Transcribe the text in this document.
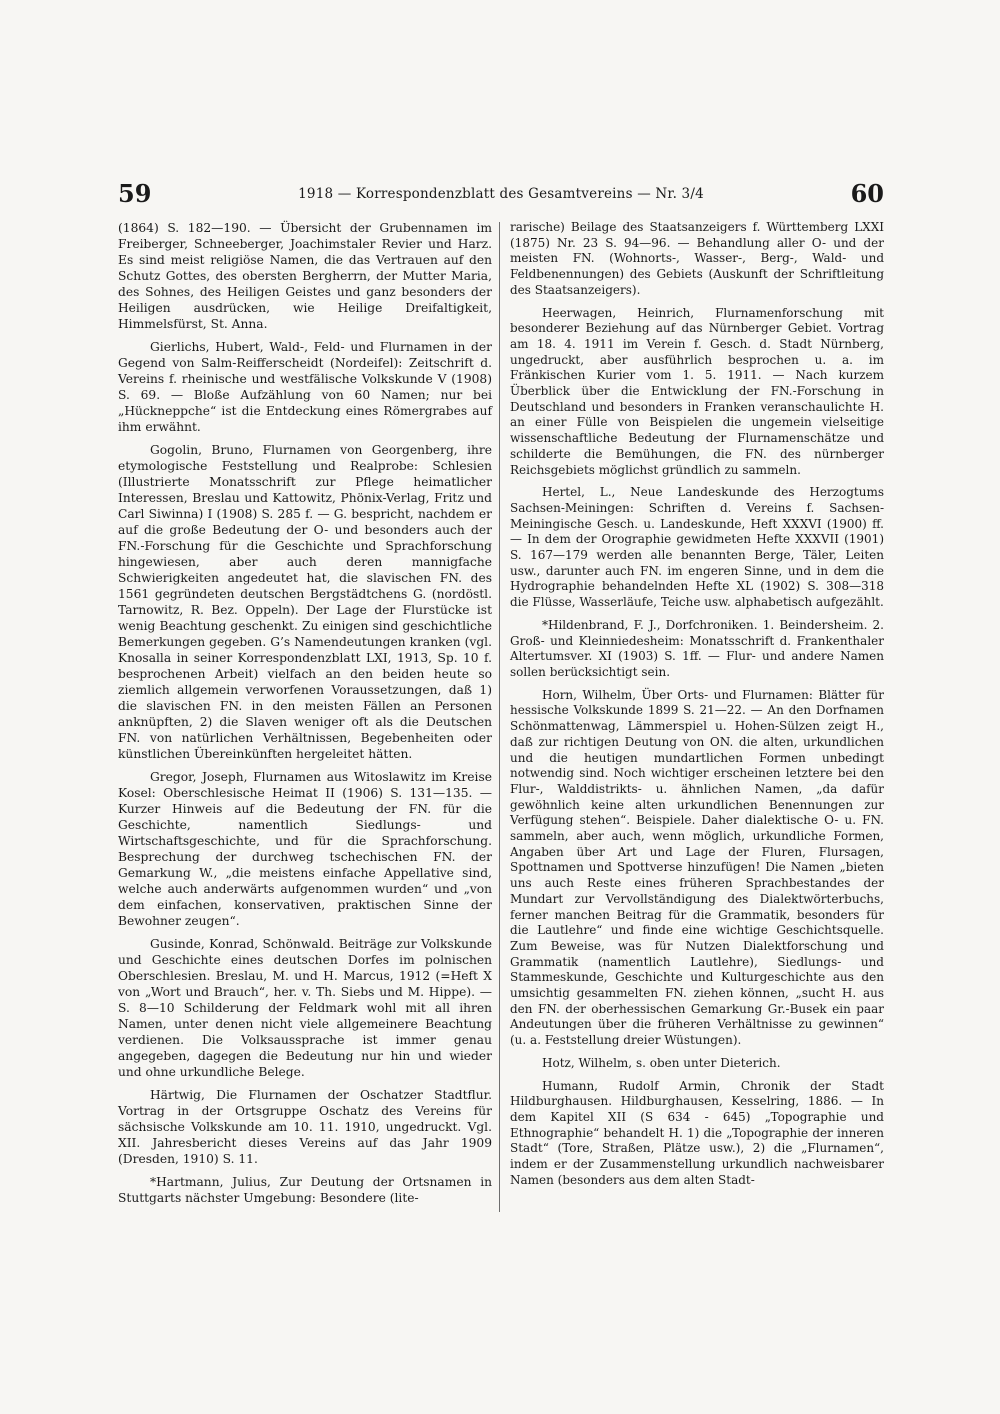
59	1918 — Korrespondenzblatt des Gesamtvereins — Nr. 3/4	60

(1864) S. 182—190. — Übersicht der Grubennamen im Freiberger, Schneeberger, Joachimstaler Revier und Harz. Es sind meist religiöse Namen, die das Vertrauen auf den Schutz Gottes, des obersten Bergherrn, der Mutter Maria, des Sohnes, des Heiligen Geistes und ganz besonders der Heiligen ausdrücken, wie Heilige Dreifaltigkeit, Himmelsfürst, St. Anna.

Gierlichs, Hubert, Wald-, Feld- und Flurnamen in der Gegend von Salm-Reifferscheidt (Nordeifel): Zeitschrift d. Vereins f. rheinische und westfälische Volkskunde V (1908) S. 69. — Bloße Aufzählung von 60 Namen; nur bei „Hückneppche“ ist die Entdeckung eines Römergrabes auf ihm erwähnt.

Gogolin, Bruno, Flurnamen von Georgenberg, ihre etymologische Feststellung und Realprobe: Schlesien (Illustrierte Monatsschrift zur Pflege heimatlicher Interessen, Breslau und Kattowitz, Phönix-Verlag, Fritz und Carl Siwinna) I (1908) S. 285 f. — G. bespricht, nachdem er auf die große Bedeutung der O- und besonders auch der FN.-Forschung für die Geschichte und Sprachforschung hingewiesen, aber auch deren mannigfache Schwierigkeiten angedeutet hat, die slavischen FN. des 1561 gegründeten deutschen Bergstädtchens G. (nordöstl. Tarnowitz, R. Bez. Oppeln). Der Lage der Flurstücke ist wenig Beachtung geschenkt. Zu einigen sind geschichtliche Bemerkungen gegeben. G’s Namendeutungen kranken (vgl. Knosalla in seiner Korrespondenzblatt LXI, 1913, Sp. 10 f. besprochenen Arbeit) vielfach an den beiden heute so ziemlich allgemein verworfenen Voraussetzungen, daß 1) die slavischen FN. in den meisten Fällen an Personen anknüpften, 2) die Slaven weniger oft als die Deutschen FN. von natürlichen Verhältnissen, Begebenheiten oder künstlichen Übereinkünften hergeleitet hätten.

Gregor, Joseph, Flurnamen aus Witoslawitz im Kreise Kosel: Oberschlesische Heimat II (1906) S. 131—135. — Kurzer Hinweis auf die Bedeutung der FN. für die Geschichte, namentlich Siedlungs- und Wirtschaftsgeschichte, und für die Sprachforschung. Besprechung der durchweg tschechischen FN. der Gemarkung W., „die meistens einfache Appellative sind, welche auch anderwärts aufgenommen wurden“ und „von dem einfachen, konservativen, praktischen Sinne der Bewohner zeugen“.

Gusinde, Konrad, Schönwald. Beiträge zur Volkskunde und Geschichte eines deutschen Dorfes im polnischen Oberschlesien. Breslau, M. und H. Marcus, 1912 (=Heft X von „Wort und Brauch“, her. v. Th. Siebs und M. Hippe). — S. 8—10 Schilderung der Feldmark wohl mit all ihren Namen, unter denen nicht viele allgemeinere Beachtung verdienen. Die Volksaussprache ist immer genau angegeben, dagegen die Bedeutung nur hin und wieder und ohne urkundliche Belege.

Härtwig, Die Flurnamen der Oschatzer Stadtflur. Vortrag in der Ortsgruppe Oschatz des Vereins für sächsische Volkskunde am 10. 11. 1910, ungedruckt. Vgl. XII. Jahresbericht dieses Vereins auf das Jahr 1909 (Dresden, 1910) S. 11.

*Hartmann, Julius, Zur Deutung der Ortsnamen in Stuttgarts nächster Umgebung: Besondere (lite-

rarische) Beilage des Staatsanzeigers f. Württemberg LXXI (1875) Nr. 23 S. 94—96. — Behandlung aller O- und der meisten FN. (Wohnorts-, Wasser-, Berg-, Wald- und Feldbenennungen) des Gebiets (Auskunft der Schriftleitung des Staatsanzeigers).

Heerwagen, Heinrich, Flurnamenforschung mit besonderer Beziehung auf das Nürnberger Gebiet. Vortrag am 18. 4. 1911 im Verein f. Gesch. d. Stadt Nürnberg, ungedruckt, aber ausführlich besprochen u. a. im Fränkischen Kurier vom 1. 5. 1911. — Nach kurzem Überblick über die Entwicklung der FN.-Forschung in Deutschland und besonders in Franken veranschaulichte H. an einer Fülle von Beispielen die ungemein vielseitige wissenschaftliche Bedeutung der Flurnamenschätze und schilderte die Bemühungen, die FN. des nürnberger Reichsgebiets möglichst gründlich zu sammeln.

Hertel, L., Neue Landeskunde des Herzogtums Sachsen-Meiningen: Schriften d. Vereins f. Sachsen-Meiningische Gesch. u. Landeskunde, Heft XXXVI (1900) ff. — In dem der Orographie gewidmeten Hefte XXXVII (1901) S. 167—179 werden alle benannten Berge, Täler, Leiten usw., darunter auch FN. im engeren Sinne, und in dem die Hydrographie behandelnden Hefte XL (1902) S. 308—318 die Flüsse, Wasserläufe, Teiche usw. alphabetisch aufgezählt.

*Hildenbrand, F. J., Dorfchroniken. 1. Beindersheim. 2. Groß- und Kleinniedesheim: Monatsschrift d. Frankenthaler Altertumsver. XI (1903) S. 1ff. — Flur- und andere Namen sollen berücksichtigt sein.

Horn, Wilhelm, Über Orts- und Flurnamen: Blätter für hessische Volkskunde 1899 S. 21—22. — An den Dorfnamen Schönmattenwag, Lämmerspiel u. Hohen-Sülzen zeigt H., daß zur richtigen Deutung von ON. die alten, urkundlichen und die heutigen mundartlichen Formen unbedingt notwendig sind. Noch wichtiger erscheinen letztere bei den Flur-, Walddistrikts- u. ähnlichen Namen, „da dafür gewöhnlich keine alten urkundlichen Benennungen zur Verfügung stehen“. Beispiele. Daher dialektische O- u. FN. sammeln, aber auch, wenn möglich, urkundliche Formen, Angaben über Art und Lage der Fluren, Flursagen, Spottnamen und Spottverse hinzufügen! Die Namen „bieten uns auch Reste eines früheren Sprachbestandes der Mundart zur Vervollständigung des Dialektwörterbuchs, ferner manchen Beitrag für die Grammatik, besonders für die Lautlehre“ und finde eine wichtige Geschichtsquelle. Zum Beweise, was für Nutzen Dialektforschung und Grammatik (namentlich Lautlehre), Siedlungs- und Stammeskunde, Geschichte und Kulturgeschichte aus den umsichtig gesammelten FN. ziehen können, „sucht H. aus den FN. der oberhessischen Gemarkung Gr.-Busek ein paar Andeutungen über die früheren Verhältnisse zu gewinnen“ (u. a. Feststellung dreier Wüstungen).

Hotz, Wilhelm, s. oben unter Dieterich.

Humann, Rudolf Armin, Chronik der Stadt Hildburghausen. Hildburghausen, Kesselring, 1886. — In dem Kapitel XII (S 634 - 645) „Topographie und Ethnographie“ behandelt H. 1) die „Topographie der inneren Stadt“ (Tore, Straßen, Plätze usw.), 2) die „Flurnamen“, indem er der Zusammenstellung urkundlich nachweisbarer Namen (besonders aus dem alten Stadt-
